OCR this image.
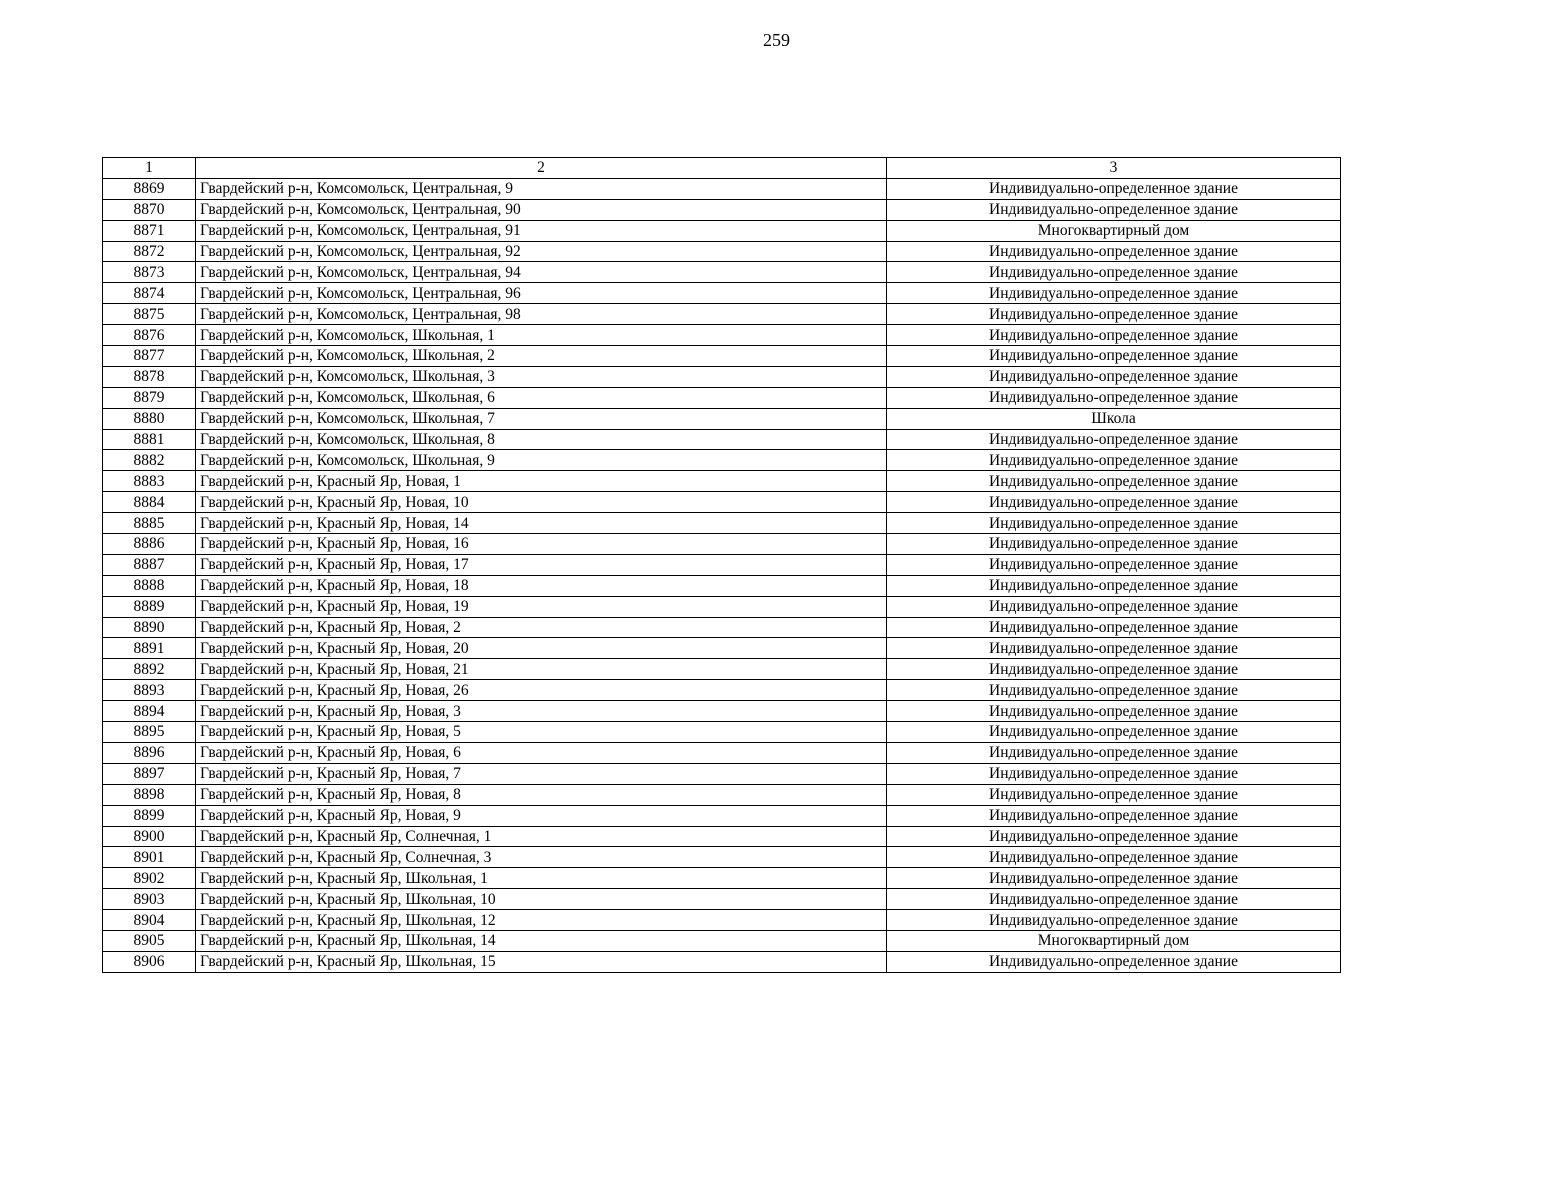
259
1	2	3
8869	Гвардейский р-н, Комсомольск, Центральная, 9	Индивидуально-определенное здание
8870	Гвардейский р-н, Комсомольск, Центральная, 90	Индивидуально-определенное здание
8871	Гвардейский р-н, Комсомольск, Центральная, 91	Многоквартирный дом
8872	Гвардейский р-н, Комсомольск, Центральная, 92	Индивидуально-определенное здание
8873	Гвардейский р-н, Комсомольск, Центральная, 94	Индивидуально-определенное здание
8874	Гвардейский р-н, Комсомольск, Центральная, 96	Индивидуально-определенное здание
8875	Гвардейский р-н, Комсомольск, Центральная, 98	Индивидуально-определенное здание
8876	Гвардейский р-н, Комсомольск, Школьная, 1	Индивидуально-определенное здание
8877	Гвардейский р-н, Комсомольск, Школьная, 2	Индивидуально-определенное здание
8878	Гвардейский р-н, Комсомольск, Школьная, 3	Индивидуально-определенное здание
8879	Гвардейский р-н, Комсомольск, Школьная, 6	Индивидуально-определенное здание
8880	Гвардейский р-н, Комсомольск, Школьная, 7	Школа
8881	Гвардейский р-н, Комсомольск, Школьная, 8	Индивидуально-определенное здание
8882	Гвардейский р-н, Комсомольск, Школьная, 9	Индивидуально-определенное здание
8883	Гвардейский р-н, Красный Яр, Новая, 1	Индивидуально-определенное здание
8884	Гвардейский р-н, Красный Яр, Новая, 10	Индивидуально-определенное здание
8885	Гвардейский р-н, Красный Яр, Новая, 14	Индивидуально-определенное здание
8886	Гвардейский р-н, Красный Яр, Новая, 16	Индивидуально-определенное здание
8887	Гвардейский р-н, Красный Яр, Новая, 17	Индивидуально-определенное здание
8888	Гвардейский р-н, Красный Яр, Новая, 18	Индивидуально-определенное здание
8889	Гвардейский р-н, Красный Яр, Новая, 19	Индивидуально-определенное здание
8890	Гвардейский р-н, Красный Яр, Новая, 2	Индивидуально-определенное здание
8891	Гвардейский р-н, Красный Яр, Новая, 20	Индивидуально-определенное здание
8892	Гвардейский р-н, Красный Яр, Новая, 21	Индивидуально-определенное здание
8893	Гвардейский р-н, Красный Яр, Новая, 26	Индивидуально-определенное здание
8894	Гвардейский р-н, Красный Яр, Новая, 3	Индивидуально-определенное здание
8895	Гвардейский р-н, Красный Яр, Новая, 5	Индивидуально-определенное здание
8896	Гвардейский р-н, Красный Яр, Новая, 6	Индивидуально-определенное здание
8897	Гвардейский р-н, Красный Яр, Новая, 7	Индивидуально-определенное здание
8898	Гвардейский р-н, Красный Яр, Новая, 8	Индивидуально-определенное здание
8899	Гвардейский р-н, Красный Яр, Новая, 9	Индивидуально-определенное здание
8900	Гвардейский р-н, Красный Яр, Солнечная, 1	Индивидуально-определенное здание
8901	Гвардейский р-н, Красный Яр, Солнечная, 3	Индивидуально-определенное здание
8902	Гвардейский р-н, Красный Яр, Школьная, 1	Индивидуально-определенное здание
8903	Гвардейский р-н, Красный Яр, Школьная, 10	Индивидуально-определенное здание
8904	Гвардейский р-н, Красный Яр, Школьная, 12	Индивидуально-определенное здание
8905	Гвардейский р-н, Красный Яр, Школьная, 14	Многоквартирный дом
8906	Гвардейский р-н, Красный Яр, Школьная, 15	Индивидуально-определенное здание
